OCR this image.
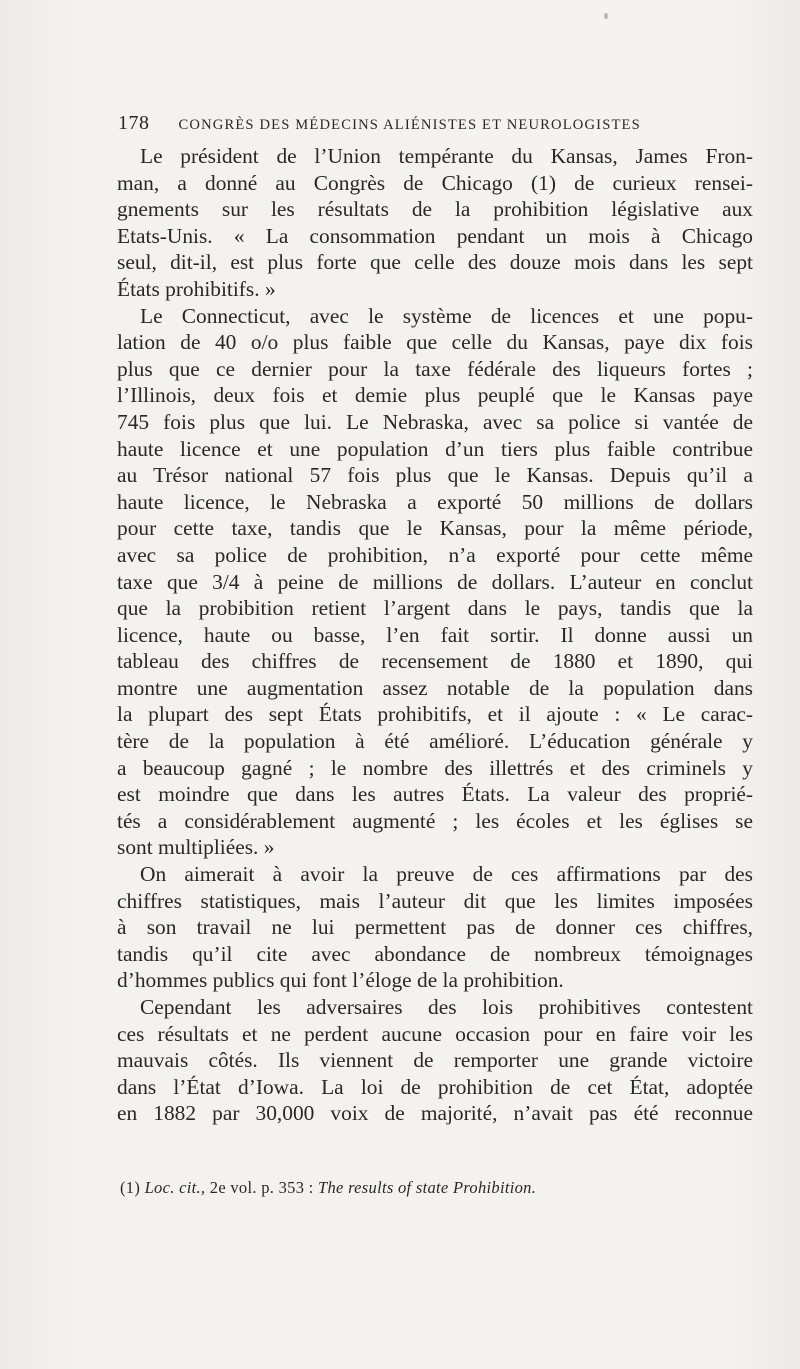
178 CONGRÈS DES MÉDECINS ALIÉNISTES ET NEUROLOGISTES
Le président de l’Union tempérante du Kansas, James Fron-
man, a donné au Congrès de Chicago (1) de curieux rensei-
gnements sur les résultats de la prohibition législative aux
Etats-Unis. « La consommation pendant un mois à Chicago
seul, dit-il, est plus forte que celle des douze mois dans les sept
États prohibitifs. »
Le Connecticut, avec le système de licences et une popu-
lation de 40 o/o plus faible que celle du Kansas, paye dix fois
plus que ce dernier pour la taxe fédérale des liqueurs fortes ;
l’Illinois, deux fois et demie plus peuplé que le Kansas paye
745 fois plus que lui. Le Nebraska, avec sa police si vantée de
haute licence et une population d’un tiers plus faible contribue
au Trésor national 57 fois plus que le Kansas. Depuis qu’il a
haute licence, le Nebraska a exporté 50 millions de dollars
pour cette taxe, tandis que le Kansas, pour la même période,
avec sa police de prohibition, n’a exporté pour cette même
taxe que 3/4 à peine de millions de dollars. L’auteur en conclut
que la probibition retient l’argent dans le pays, tandis que la
licence, haute ou basse, l’en fait sortir. Il donne aussi un
tableau des chiffres de recensement de 1880 et 1890, qui
montre une augmentation assez notable de la population dans
la plupart des sept États prohibitifs, et il ajoute : « Le carac-
tère de la population à été amélioré. L’éducation générale y
a beaucoup gagné ; le nombre des illettrés et des criminels y
est moindre que dans les autres États. La valeur des proprié-
tés a considérablement augmenté ; les écoles et les églises se
sont multipliées. »
On aimerait à avoir la preuve de ces affirmations par des
chiffres statistiques, mais l’auteur dit que les limites imposées
à son travail ne lui permettent pas de donner ces chiffres,
tandis qu’il cite avec abondance de nombreux témoignages
d’hommes publics qui font l’éloge de la prohibition.
Cependant les adversaires des lois prohibitives contestent
ces résultats et ne perdent aucune occasion pour en faire voir les
mauvais côtés. Ils viennent de remporter une grande victoire
dans l’État d’Iowa. La loi de prohibition de cet État, adoptée
en 1882 par 30,000 voix de majorité, n’avait pas été reconnue
(1) Loc. cit., 2e vol. p. 353 : The results of state Prohibition.
